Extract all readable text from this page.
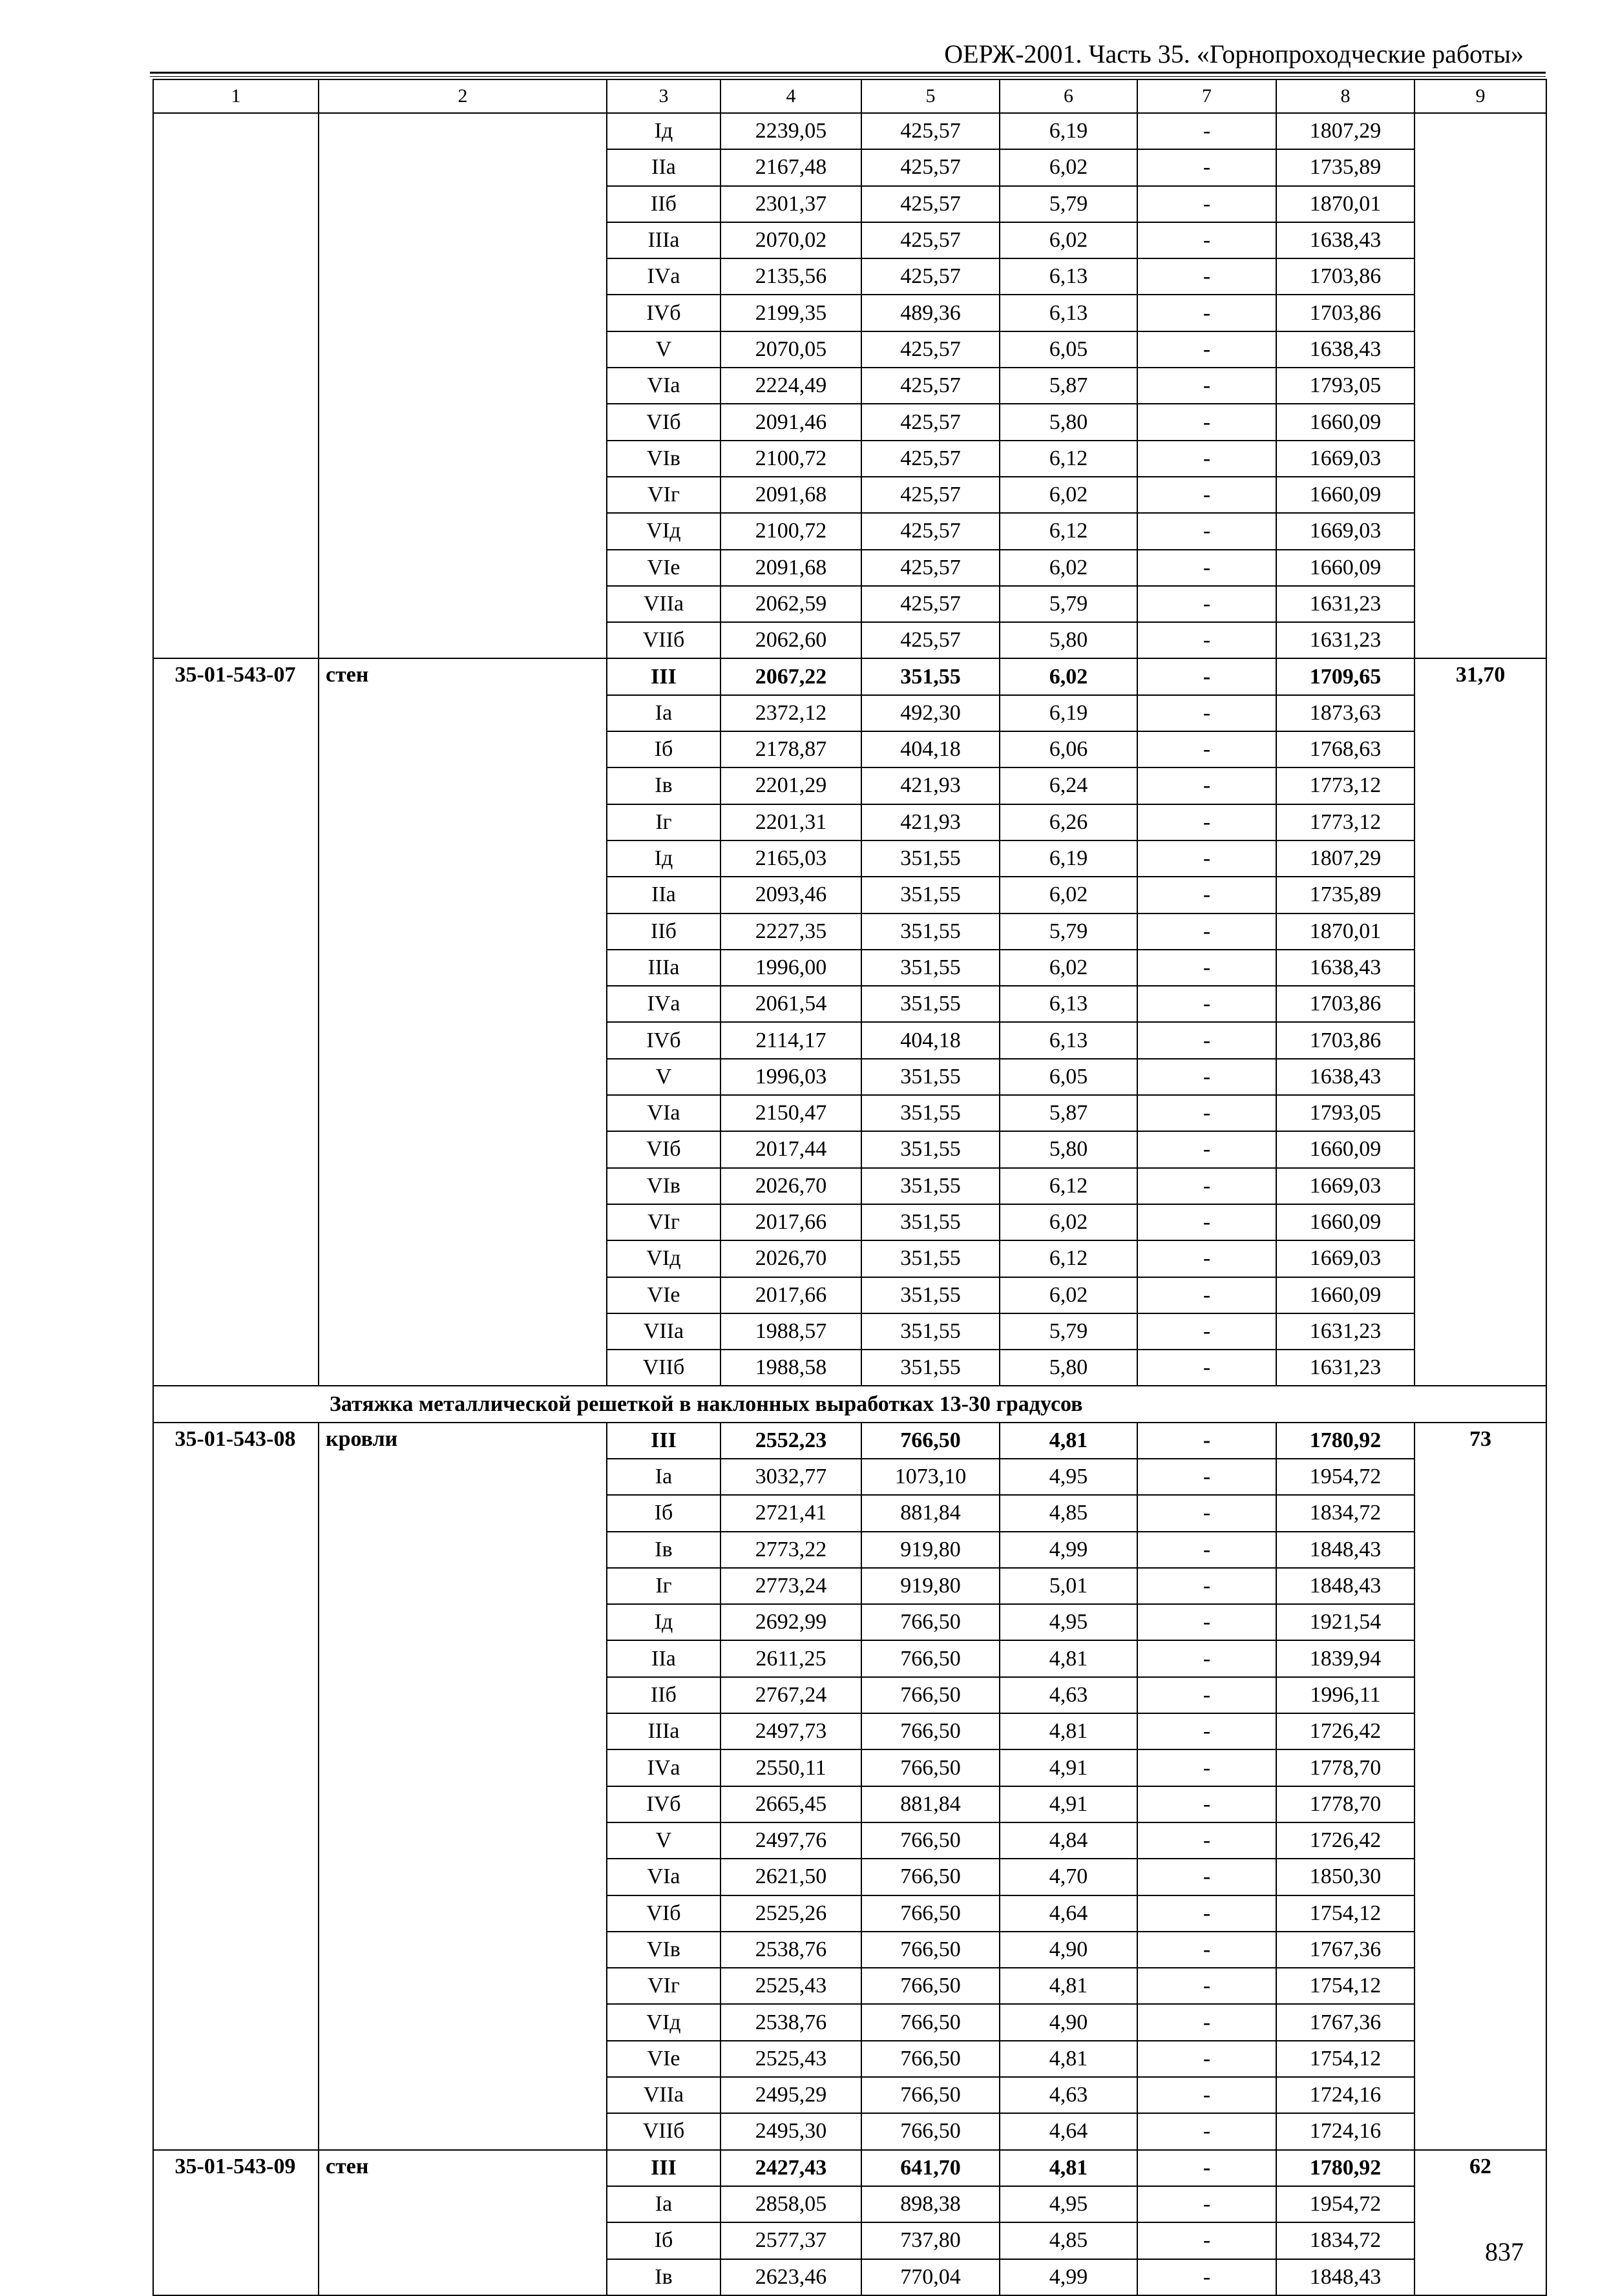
ОЕРЖ-2001. Часть 35. «Горнопроходческие работы»
1	2	3	4	5	6	7	8	9
		Iд	2239,05	425,57	6,19	-	1807,29	
		IIа	2167,48	425,57	6,02	-	1735,89	
		IIб	2301,37	425,57	5,79	-	1870,01	
		IIIа	2070,02	425,57	6,02	-	1638,43	
		IVа	2135,56	425,57	6,13	-	1703,86	
		IVб	2199,35	489,36	6,13	-	1703,86	
		V	2070,05	425,57	6,05	-	1638,43	
		VIа	2224,49	425,57	5,87	-	1793,05	
		VIб	2091,46	425,57	5,80	-	1660,09	
		VIв	2100,72	425,57	6,12	-	1669,03	
		VIг	2091,68	425,57	6,02	-	1660,09	
		VIд	2100,72	425,57	6,12	-	1669,03	
		VIе	2091,68	425,57	6,02	-	1660,09	
		VIIа	2062,59	425,57	5,79	-	1631,23	
		VIIб	2062,60	425,57	5,80	-	1631,23	
35-01-543-07	стен	III	2067,22	351,55	6,02	-	1709,65	31,70
		Iа	2372,12	492,30	6,19	-	1873,63	
		Iб	2178,87	404,18	6,06	-	1768,63	
		Iв	2201,29	421,93	6,24	-	1773,12	
		Iг	2201,31	421,93	6,26	-	1773,12	
		Iд	2165,03	351,55	6,19	-	1807,29	
		IIа	2093,46	351,55	6,02	-	1735,89	
		IIб	2227,35	351,55	5,79	-	1870,01	
		IIIа	1996,00	351,55	6,02	-	1638,43	
		IVа	2061,54	351,55	6,13	-	1703,86	
		IVб	2114,17	404,18	6,13	-	1703,86	
		V	1996,03	351,55	6,05	-	1638,43	
		VIа	2150,47	351,55	5,87	-	1793,05	
		VIб	2017,44	351,55	5,80	-	1660,09	
		VIв	2026,70	351,55	6,12	-	1669,03	
		VIг	2017,66	351,55	6,02	-	1660,09	
		VIд	2026,70	351,55	6,12	-	1669,03	
		VIе	2017,66	351,55	6,02	-	1660,09	
		VIIа	1988,57	351,55	5,79	-	1631,23	
		VIIб	1988,58	351,55	5,80	-	1631,23	
Затяжка металлической решеткой в наклонных выработках 13-30 градусов								
35-01-543-08	кровли	III	2552,23	766,50	4,81	-	1780,92	73
		Iа	3032,77	1073,10	4,95	-	1954,72	
		Iб	2721,41	881,84	4,85	-	1834,72	
		Iв	2773,22	919,80	4,99	-	1848,43	
		Iг	2773,24	919,80	5,01	-	1848,43	
		Iд	2692,99	766,50	4,95	-	1921,54	
		IIа	2611,25	766,50	4,81	-	1839,94	
		IIб	2767,24	766,50	4,63	-	1996,11	
		IIIа	2497,73	766,50	4,81	-	1726,42	
		IVа	2550,11	766,50	4,91	-	1778,70	
		IVб	2665,45	881,84	4,91	-	1778,70	
		V	2497,76	766,50	4,84	-	1726,42	
		VIа	2621,50	766,50	4,70	-	1850,30	
		VIб	2525,26	766,50	4,64	-	1754,12	
		VIв	2538,76	766,50	4,90	-	1767,36	
		VIг	2525,43	766,50	4,81	-	1754,12	
		VIд	2538,76	766,50	4,90	-	1767,36	
		VIе	2525,43	766,50	4,81	-	1754,12	
		VIIа	2495,29	766,50	4,63	-	1724,16	
		VIIб	2495,30	766,50	4,64	-	1724,16	
35-01-543-09	стен	III	2427,43	641,70	4,81	-	1780,92	62
		Iа	2858,05	898,38	4,95	-	1954,72	
		Iб	2577,37	737,80	4,85	-	1834,72	
		Iв	2623,46	770,04	4,99	-	1848,43	
837
